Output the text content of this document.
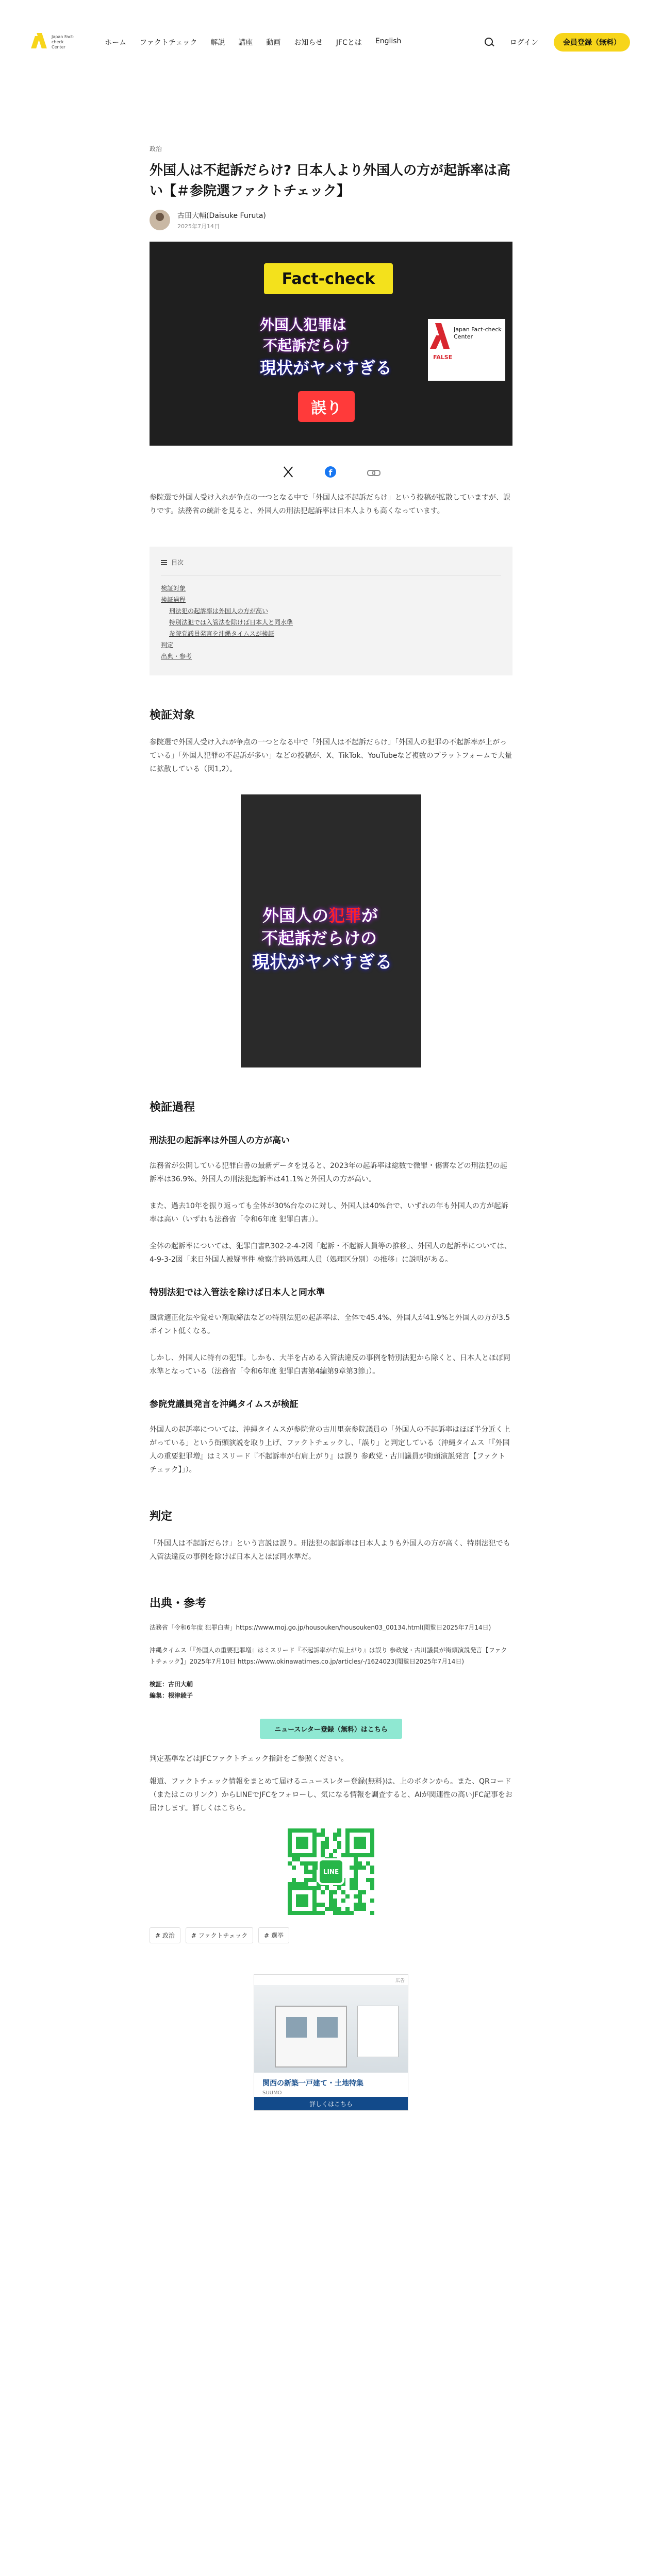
Japan Fact-check Center
ホーム	ファクトチェック	解説	講座	動画	お知らせ	JFCとは	English	ログイン	会員登録（無料）
政治
外国人は不起訴だらけ? 日本人より外国人の方が起訴率は高い【＃参院選ファクトチェック】
古田大輔(Daisuke Furuta)
2025年7月14日
Fact-check
外国人犯罪は
不起訴だらけ
現状がヤバすぎる
誤り
Japan Fact-check Center
FALSE
f

参院選で外国人受け入れが争点の一つとなる中で「外国人は不起訴だらけ」という投稿が拡散していますが、誤りです。法務省の統計を見ると、外国人の刑法犯起訴率は日本人よりも高くなっています。

目次
検証対象
検証過程
刑法犯の起訴率は外国人の方が高い
特別法犯では入管法を除けば日本人と同水準
参院党議員発言を沖縄タイムスが検証
判定
出典・参考
検証対象

参院選で外国人受け入れが争点の一つとなる中で「外国人は不起訴だらけ」「外国人の犯罪の不起訴率が上がっている」「外国人犯罪の不起訴が多い」などの投稿が、X、TikTok、YouTubeなど複数のプラットフォームで大量に拡散している（図1,2）。

外国人の犯罪が
不起訴だらけの
現状がヤバすぎる
検証過程
刑法犯の起訴率は外国人の方が高い

法務省が公開している犯罪白書の最新データを見ると、2023年の起訴率は総数で微罪・傷害などの刑法犯の起訴率は36.9%、外国人の刑法犯起訴率は41.1%と外国人の方が高い。

また、過去10年を振り返っても全体が30%台なのに対し、外国人は40%台で、いずれの年も外国人の方が起訴率は高い（いずれも法務省「令和6年度 犯罪白書」）。

全体の起訴率については、犯罪白書P.302-2-4-2図「起訴・不起訴人員等の推移」、外国人の起訴率については、4-9-3-2図「来日外国人被疑事件 検察庁終局処理人員（処理区分別）の推移」に説明がある。

特別法犯では入管法を除けば日本人と同水準

風営適正化法や覚せい剤取締法などの特別法犯の起訴率は、全体で45.4%、外国人が41.9%と外国人の方が3.5ポイント低くなる。

しかし、外国人に特有の犯罪。しかも、大半を占める入管法違反の事例を特別法犯から除くと、日本人とほぼ同水準となっている（法務省「令和6年度 犯罪白書第4編第9章第3節」）。

参院党議員発言を沖縄タイムスが検証

外国人の起訴率については、沖縄タイムスが参院党の古川里奈参院議員の「外国人の不起訴率はほぼ半分近く上がっている」という街頭演説を取り上げ、ファクトチェックし、「誤り」と判定している（沖縄タイムス「『外国人の重要犯罪増』はミスリード『不起訴率が右肩上がり』は誤り 参政党・古川議員が街頭演説発言【ファクトチェック】」）。

判定

「外国人は不起訴だらけ」という言説は誤り。刑法犯の起訴率は日本人よりも外国人の方が高く、特別法犯でも入管法違反の事例を除けば日本人とほぼ同水準だ。

出典・参考

法務省「令和6年度 犯罪白書」https://www.moj.go.jp/housouken/housouken03_00134.html(閲覧日2025年7月14日)

沖縄タイムス「『外国人の重要犯罪増』はミスリード『不起訴率が右肩上がり』は誤り 参政党・古川議員が街頭演説発言【ファクトチェック】」2025年7月10日 https://www.okinawatimes.co.jp/articles/-/1624023(閲覧日2025年7月14日)

検証：古田大輔
編集：根津綾子
ニュースレター登録（無料）はこちら

判定基準などはJFCファクトチェック指針をご参照ください。

報道、ファクトチェック情報をまとめて届けるニュースレター登録(無料)は、上のボタンから。また、QRコード（またはこのリンク）からLINEでJFCをフォローし、気になる情報を調査すると、AIが関連性の高いJFC記事をお届けします。詳しくはこちら。

LINE
# 政治	# ファクトチェック	# 選挙
広告
関西の新築一戸建て・土地特集
SUUMO
詳しくはこちら
